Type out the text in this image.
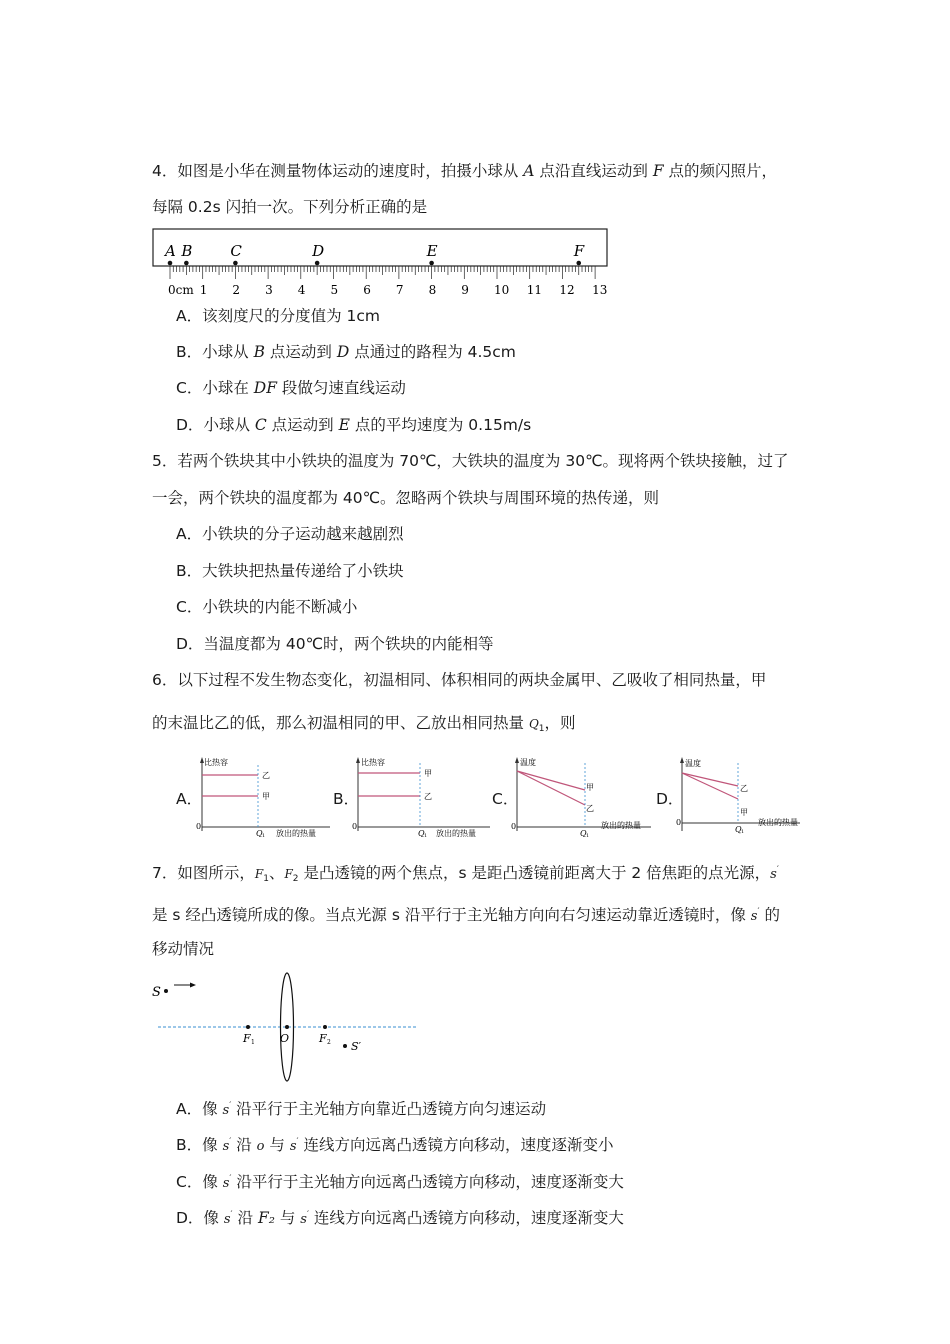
4．如图是小华在测量物体运动的速度时，拍摄小球从 A 点沿直线运动到 F 点的频闪照片，
每隔 0.2s 闪拍一次。下列分析正确的是
0cm 1 2 3 4 5 6 7 8 9 10 11 12 13
A B	C	D	E	F
A．该刻度尺的分度值为 1cm
B．小球从 B 点运动到 D 点通过的路程为 4.5cm
C．小球在 DF 段做匀速直线运动
D．小球从 C 点运动到 E 点的平均速度为 0.15m/s
5．若两个铁块其中小铁块的温度为 70℃，大铁块的温度为 30℃。现将两个铁块接触，过了
一会，两个铁块的温度都为 40℃。忽略两个铁块与周围环境的热传递，则
A．小铁块的分子运动越来越剧烈
B．大铁块把热量传递给了小铁块
C．小铁块的内能不断减小
D．当温度都为 40℃时，两个铁块的内能相等
6．以下过程不发生物态变化，初温相同、体积相同的两块金属甲、乙吸收了相同热量，甲
的末温比乙的低，那么初温相同的甲、乙放出相同热量 $Q_1$，则
A．
比热容
0
乙
甲
Q 1 放出的热量
B．
比热容
0
甲
乙
Q 1 放出的热量
C．
温度
0
甲
乙
Q 1
放出的热量
D．
温度
0
乙
甲
Q 1
放出的热量
7．如图所示，$F_1$、$F_2$ 是凸透镜的两个焦点，s 是距凸透镜前距离大于 2 倍焦距的点光源，s′
是 s 经凸透镜所成的像。当点光源 s 沿平行于主光轴方向向右匀速运动靠近透镜时，像 s′ 的
移动情况
S
F 1 O	F 2 S′
A．像 s′ 沿平行于主光轴方向靠近凸透镜方向匀速运动
B．像 s′ 沿 o 与 s′ 连线方向远离凸透镜方向移动，速度逐渐变小
C．像 s′ 沿平行于主光轴方向远离凸透镜方向移动，速度逐渐变大
D．像 s′ 沿 F₂ 与 s′ 连线方向远离凸透镜方向移动，速度逐渐变大
